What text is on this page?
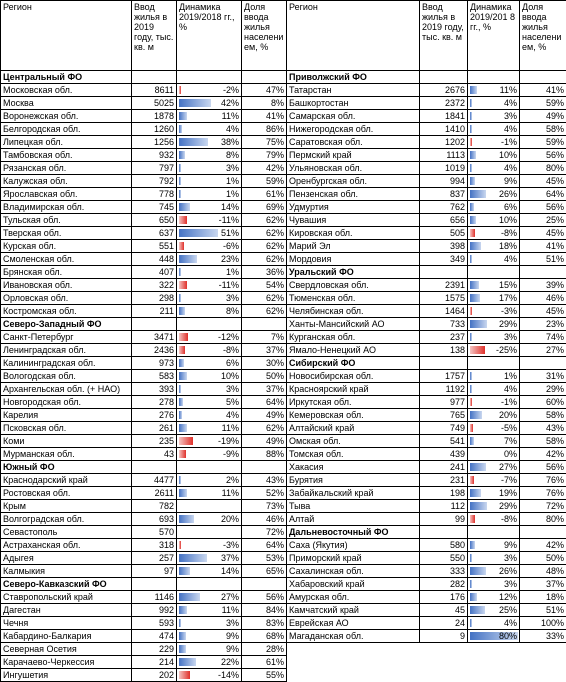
Регион	Ввод жилья в 2019 году, тыс. кв. м	Динамика 2019/2018 гг., %	Доля ввода жилья населени ем, %
Центральный ФО			
Московская обл.	8611	-2%	47%
Москва	5025	42%	8%
Воронежская обл.	1878	11%	41%
Белгородская обл.	1260	4%	86%
Липецкая обл.	1256	38%	75%
Тамбовская обл.	932	8%	79%
Рязанская обл.	797	3%	42%
Калужская обл.	792	1%	59%
Ярославская обл.	778	1%	61%
Владимирская обл.	745	14%	69%
Тульская обл.	650	-11%	62%
Тверская обл.	637	51%	62%
Курская обл.	551	-6%	62%
Смоленская обл.	448	23%	62%
Брянская обл.	407	1%	36%
Ивановская обл.	322	-11%	54%
Орловская обл.	298	3%	62%
Костромская обл.	211	8%	62%
Северо-Западный ФО			
Санкт-Петербург	3471	-12%	7%
Ленинградская обл.	2436	-8%	37%
Калининградская обл.	973	6%	30%
Вологодская обл.	583	10%	50%
Архангельская обл. (+ НАО)	393	3%	37%
Новгородская обл.	278	5%	64%
Карелия	276	4%	49%
Псковская обл.	261	11%	62%
Коми	235	-19%	49%
Мурманская обл.	43	-9%	88%
Южный ФО			
Краснодарский край	4477	2%	43%
Ростовская обл.	2611	11%	52%
Крым	782		73%
Волгоградская обл.	693	20%	46%
Севастополь	570		72%
Астраханская обл.	318	-3%	64%
Адыгея	257	37%	53%
Калмыкия	97	14%	65%
Северо-Кавказский ФО			
Ставропольский край	1146	27%	56%
Дагестан	992	11%	84%
Чечня	593	3%	83%
Кабардино-Балкария	474	9%	68%
Северная Осетия	229	9%	28%
Карачаево-Черкессия	214	22%	61%
Ингушетия	202	-14%	55%
Регион	Ввод жилья в 2019 году, тыс. кв. м	Динамика 2019/201 8 гг., %	Доля ввода жилья населени ем, %
Приволжский ФО			
Татарстан	2676	11%	41%
Башкортостан	2372	4%	59%
Самарская обл.	1841	3%	49%
Нижегородская обл.	1410	4%	58%
Саратовская обл.	1202	-1%	59%
Пермский край	1113	10%	56%
Ульяновская обл.	1019	4%	80%
Оренбургская обл.	994	9%	45%
Пензенская обл.	837	26%	64%
Удмуртия	762	6%	56%
Чувашия	656	10%	25%
Кировская обл.	505	-8%	45%
Марий Эл	398	18%	41%
Мордовия	349	4%	51%
Уральский ФО			
Свердловская обл.	2391	15%	39%
Тюменская обл.	1575	17%	46%
Челябинская обл.	1464	-3%	45%
Ханты-Мансийский АО	733	29%	23%
Курганская обл.	237	3%	74%
Ямало-Ненецкий АО	138	-25%	27%
Сибирский ФО			
Новосибирская обл.	1757	1%	31%
Красноярский край	1192	4%	29%
Иркутская обл.	977	-1%	60%
Кемеровская обл.	765	20%	58%
Алтайский край	749	-5%	43%
Омская обл.	541	7%	58%
Томская обл.	439	0%	42%
Хакасия	241	27%	56%
Бурятия	231	-7%	76%
Забайкальский край	198	19%	76%
Тыва	112	29%	72%
Алтай	99	-8%	80%
Дальневосточный ФО			
Саха (Якутия)	580	9%	42%
Приморский край	550	3%	50%
Сахалинская обл.	333	26%	48%
Хабаровский край	282	3%	37%
Амурская обл.	176	12%	18%
Камчатский край	45	25%	51%
Еврейская АО	24	4%	100%
Магаданская обл.	9	80%	33%
